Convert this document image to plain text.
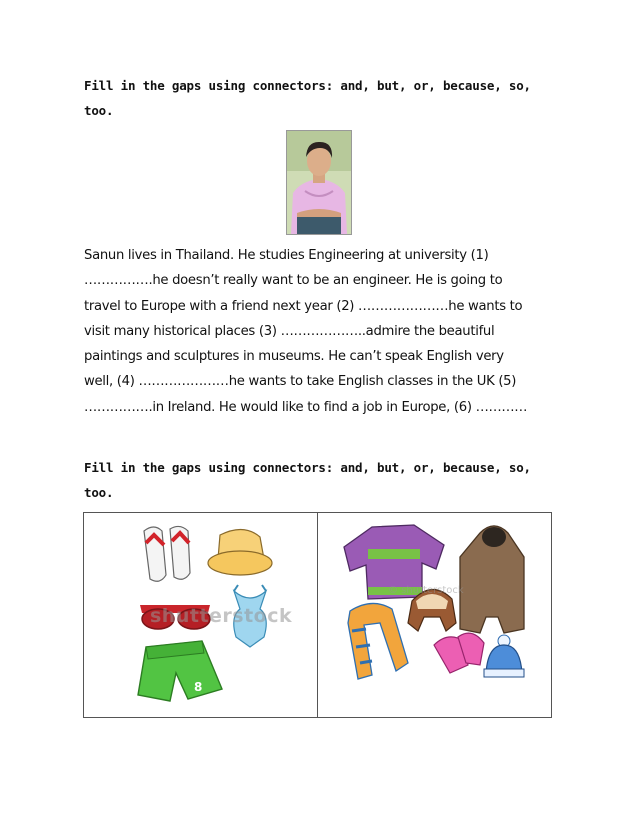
Fill in the gaps using connectors: and, but, or, because, so,
too.

Sanun lives in Thailand. He studies Engineering at university (1)
…………….he doesn’t really want to be an engineer. He is going to
travel to Europe with a friend next year (2) …………………he wants to
visit many historical places (3) ………………..admire the beautiful
paintings and sculptures in museums. He can’t speak English very
well, (4) …………………he wants to take English classes in the UK (5)
…………….in Ireland. He would like to find a job in Europe, (6) …………

Fill in the gaps using connectors: and, but, or, because, so,
too.

8
shutterstock
© shutterstock
